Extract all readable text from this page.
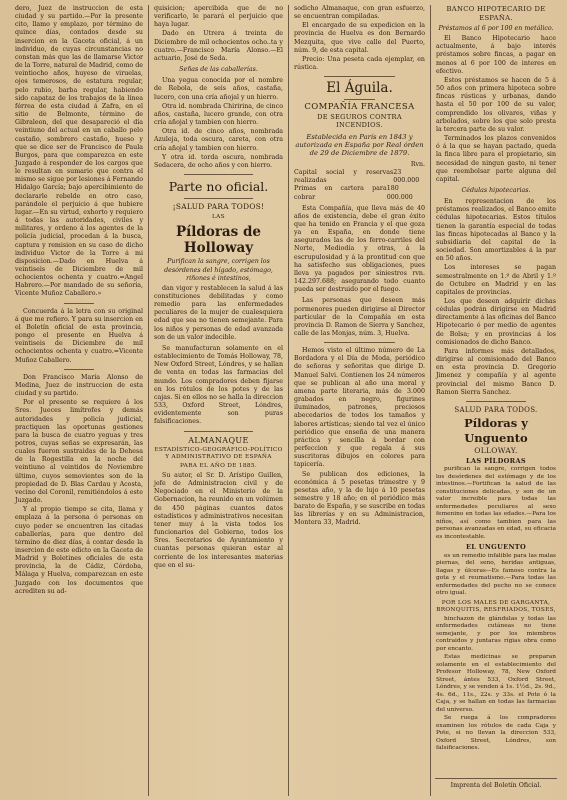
dero, Juez de instruccion de esta ciudad y su partido.—Por la presente cito, llamo y emplazo, por término de quince días, contados desde su insercion en la Gaceta oficial, á un individuo, de cuyas circunstancias no constan más que las de llamarse Victor de la Torre, natural de Madrid, como de veintiocho años, huyeso de viruelas, ojos temerosos, de estatura regular, pelo rubio, barba regular, habiendo sido capataz de los trabajos de la línea férrea de esta ciudad á Zafra, en el sitio de Belmonte, término de Gibraleon, del que desapareció el día veintiuno del actual en un caballo pelo castaño, sombrero castaño, hueso y que se dice ser de Francisco de Paula Burgos, para que comparezca en este Juzgado á responder de los cargos que le resultan en sumario que contra el mismo se sigue por lesiones á Fernando Hidalgo García; bajo apercibimiento de declararle rebelde en otro caso, parándole el perjuicio á que hubiere lugar.—En su virtud, exhorto y requiero á todas las autoridades, civiles y militares, y ordeno á los agentes de la policía judicial, procedan á la busca, captura y remision en su caso de dicho individuo Victor de la Torre á mi disposicion.—Dado en Huelva á veintiseis de Diciembre de mil ochocientos ochenta y cuatro.=Angel Habrero.—Por mandado de su señoría, Vicente Muñoz Caballero.»

Concuerda á la letra con su original á que me refiero. Y para su insercion en el Boletín oficial de esta provincia, pongo el presente en Huelva á veintiseis de Diciembre de mil ochocientos ochenta y cuatro.=Vicente Muñoz Caballero.

Don Francisco María Alonso de Medina, Juez de instruccion de esta ciudad y su partido.

Por el presente se requiere á los Sres. Jueces limítrofes y demás autoridades y policía judicial, practiquen las oportunas gestiones para la busca de cuatro yeguas y tres potros, cuyas señas se expresarán, las cuales fueron sustraidas de la Dehesa de la Rogestilla en la noche del veintiuno al veintidos de Noviembre último, cuyos semovientes son de la propiedad de D. Blas Cardau y Acosta, vecino del Coronil, remitiéndolos á este Juzgado.

Y al propio tiempo se cita, llama y emplaza á la persona ó personas en cuyo poder se encuentren las citadas caballerías, para que dentro del término de diez días, á contar desde la insercion de este edicto en la Gaceta de Madrid y Boletines oficiales de esta provincia, la de Cádiz, Córdoba, Málaga y Huelva, comparezcan en este Juzgado con los documentos que acrediten su ad-

quisicion; apercibida que de no verificarlo, le parará el perjuicio que haya lugar.

Dado en Utrera á treinta de Diciembre de mil ochocientos ocho..ta y cuatro.—Francisco María Alonso.—El actuario, José de Seda.

Señas de las caballerías.

Una yegua conocida por el nombre de Rebola, de seis años, castaña, lucero, con una cría añojal y un hierro.

Otra id. nombrada Chiririna, de cinco años, castaña, lucero grande, con otra cría añojal y tambien con hierro.

Otra id. de cinco años, nombrada Azuleja, toda oscura, careta, con otra cría añojal y tambien con hierro.

Y otra id. torda oscura, nombrada Sedacera, de ocho años y con hierro.

Parte no oficial.

¡SALUD PARA TODOS!

LAS

Píldoras de Holloway

Purifican la sangre, corrigen los desórdenes del hígado, estómago, riñones é intestinos,

dan vigor y restablecen la salud á las constituciones debilitadas y como remedio para las enfermedades peculiares de la mujer de cualesquiera edad que sea no tienen semejante. Para los niños y personas de edad avanzada son de un valor indecible.

Se manufacturan solamente en el establecimiento de Tomás Holloway, 78, New Oxford Street, Lóndres, y se hallan de venta en todas las farmacias del mundo. Los compradores deben fijarse en los rótulos de los potes y de las cajas. Si en ellos no se halla la direccion 533, Oxford Street, Lóndres, evidentemente son puras falsificaciones.

ALMANAQUE

ESTADÍSTICO-GEOGRÁFICO-POLÍTICO Y ADMINISTRATIVO DE ESPAÑA

PARA EL AÑO DE 1885.

Su autor, el Sr. D. Arístipo Guillen, jefe de Administracion civil y de Negociado en el Ministerio de la Gobernacion, ha reunido en un volúmen de 450 páginas cuantos datos estadísticos y administrativos necesitan tener muy á la vista todos los funcionarios del Gobierno, todos los Sres. Secretarios de Ayuntamiento y cuantas personas quieran estar al corriente de los interesantes materias que en el su-

sodicho Almanaque, con gran esfuerzo, se encuentran compiladas.

El encargado de su expedicion en la provincia de Huelva es don Bernardo Mezquita, que vive calle del Puerto, núm. 9, de esta capital.

Precio: Una peseta cada ejemplar, en rústica.

El Águila.

COMPAÑÍA FRANCESA

DE SEGUROS CONTRA INCENDIOS.

Establecida en París en 1843 y autorizada en España por Real órden de 29 de Diciembre de 1879.

Rvn.

Capital social y reservas realizadas
23 000.000
Primas en cartera para cobrar
180 000.000

Esta Compañía, que lleva más de 40 años de existencia, debe el gran éxito que ha tenido en Francia y el que goza ya en España, en donde tiene asegurados las de los ferro-carriles del Norte, Mediodía y otras, á la escrupulosidad y á la prontitud con que ha satisfecho sus obligaciones, pues lleva ya pagados por siniestros rvn. 142.297.688; asegurando todo cuanto pueda ser destruido por el fuego.

Las personas que deseen más pormenores pueden dirigirse al Director particular de la Compañía en esta provincia D. Ramon de Sierra y Sanchez, calle de las Monjas, núm. 3, Huelva.

Hemos visto el último número de La Bordadora y el Día de Moda, periódico de señoras y señoritas que dirige D. Manuel Salvi. Contienen los 24 números que se publican al año una moral y amena parte literaria, más de 3.000 grabados en negro, figurines iluminados, patrones, preciosos abecedarios de todos los tamaños y labores artísticas; siendo tal vez el único periódico que enseña de una manera práctica y sencilla á bordar con perfeccion y que regala á sus suscritoras dibujos en colores para tapicería.

Se publican dos ediciones, la económica á 5 pesetas trimestre y 9 pesetas año, y la de lujo á 10 pesetas semestre y 18 año; en el periódico más barato de España, y se suscribe en todas las librerías y en su Administracion, Montera 33, Madrid.

BANCO HIPOTECARIO DE ESPAÑA.

Préstamos al 6 por 100 en metálico.

El Banco Hipotecario hace actualmente, á bajo interés préstamos sobre fincas, a pagar en menos al 6 por 100 de interes en efectivo.

Estos préstamos se hacen de 5 á 50 años con primera hipoteca sobre fincas rústicas y urbanas, dando hasta el 50 por 100 de su valor, comprendido los olivares, viñas y arbolados, sobre los que solo presta la tercera parte de su valor.

Terminados los plazos convenidos ó á la que se hayan pactado, queda la finca libre para el propietario, sin necesidad de ningun gasto, ni tener que reembolsar parte alguna del capital.

Cédulas hipotecarias.

En representacion de los préstamos realizados, el Banco emite cédulas hipotecarias. Estos títulos tienen la garantía especial de todas las fincas hipotecadas al Banco y la subsidiaria del capital de la sociedad. Son amortizables á la par en 50 años.

Los intereses se pagan semestralmente en 1.º de Abril y 1.º de Octubre en Madrid y en las capitales de provincias.

Los que deseen adquirir dichas cédulas podrán dirigirse en Madrid directamente á las oficinas del Banco Hipotecario ó por medio de agentes de Bolsa; y en provincias á los comisionados de dicho Banco.

Para informes más detallados, dirigirse al comisionado del Banco en esta provincia D. Gregorio Jimenez y compañía y al agente provincial del mismo Banco D. Ramon Sierra Sanchez.

SALUD PARA TODOS.

Píldoras y Unguento

OLLOWAY.

LAS PÍLDORAS

purifican la sangre, corrigen todos los desórdenes del estómago y de los intestinos.—Fortifican la salud de las constituciones delicadas, y son de un valor increible para todas las enfermedades peculiares al sexo femenino en todas las edades.—Para los niños, así como tambien para las personas avanzadas en edad, su eficacia es incontestable.

EL UNGUENTO

es un remedio infalible para las malas piernas, del seno, heridas antiguas, llagas y úlceras—Es famoso contra la gota y el reumatismo.—Para todas las enfermedades del pecho no se conoce otro igual.

POR LOS MALES DE GARGANTA, BRONQUITIS, RESFRIADOS, TOSES,

hinchazon de glándulas y todas las enfermedades cutáneas no tiene semejante, y por los miembros contraidos y juntaras rígias obra como por encanto.

Estas medicinas se preparan solamente en el establecimiento del Profesor Holloway, 78, New Oxford Street, ántes 533, Oxford Street, Lóndres, y se venden á 1s. 1½d., 2s. 9d., 4s. 6d., 11s., 22s. y 33s. el Pote ó la Caja, y se hallan en todas las farmacias del universo.

Se ruega á los compradores examinen los rótulos de cada Caja y Pote, si no llevan la direccion 533, Oxford Street, Lóndres, son falsificaciones.

Imprenta del Boletín Oficial.
